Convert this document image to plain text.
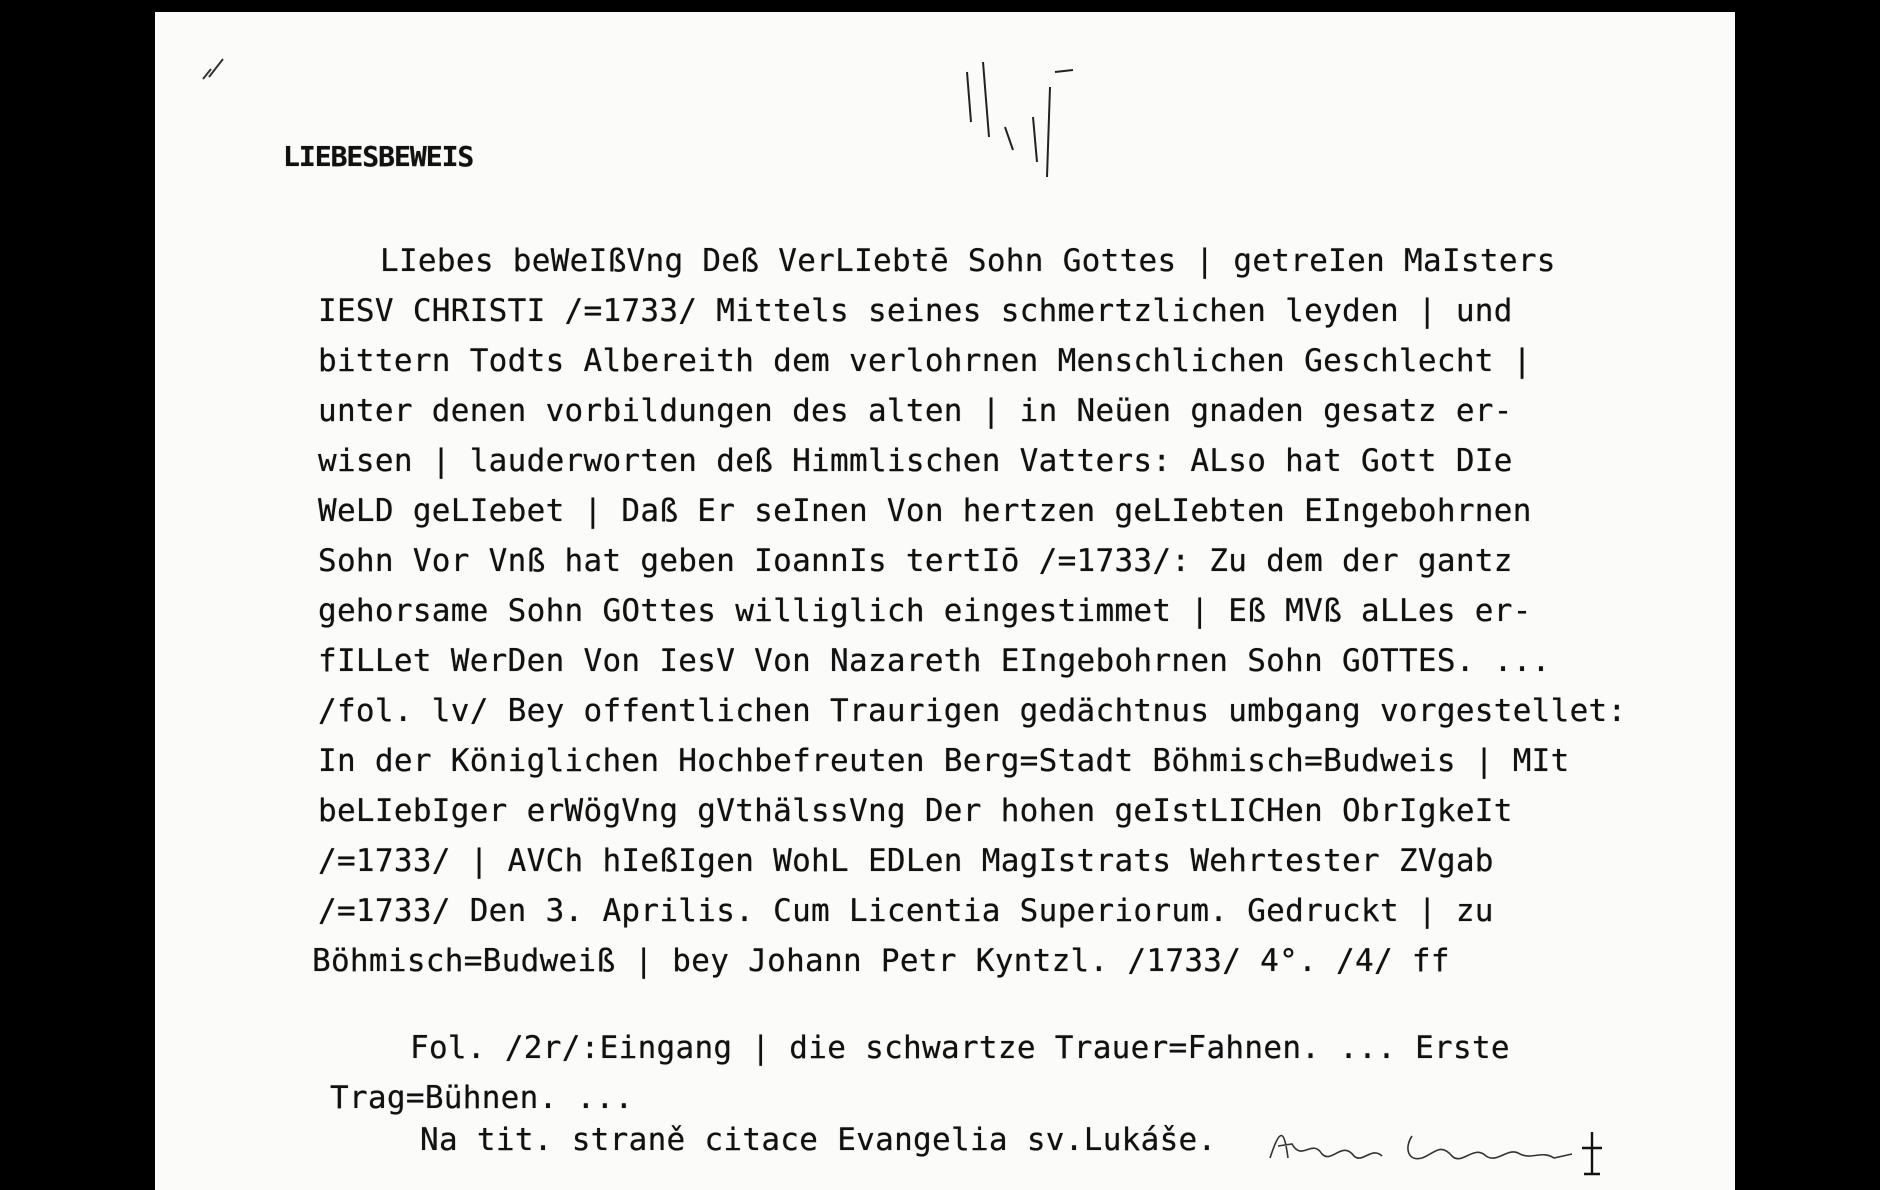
LIEBESBEWEIS
LIebes beWeIßVng Deß VerLIebtē Sohn Gottes | getreIen MaIsters
IESV CHRISTI /=1733/ Mittels seines schmertzlichen leyden | und
bittern Todts Albereith dem verlohrnen Menschlichen Geschlecht |
unter denen vorbildungen des alten | in Neüen gnaden gesatz er-
wisen | lauderworten deß Himmlischen Vatters: ALso hat Gott DIe
WeLD geLIebet | Daß Er seInen Von hertzen geLIebten EIngebohrnen
Sohn Vor Vnß hat geben IoannIs tertIō /=1733/: Zu dem der gantz
gehorsame Sohn GOttes williglich eingestimmet | Eß MVß aLLes er-
fILLet WerDen Von IesV Von Nazareth EIngebohrnen Sohn GOTTES. ...
/fol. lv/ Bey offentlichen Traurigen gedächtnus umbgang vorgestellet:
In der Königlichen Hochbefreuten Berg=Stadt Böhmisch=Budweis | MIt
beLIebIger erWögVng gVthälssVng Der hohen geIstLICHen ObrIgkeIt
/=1733/ | AVCh hIeßIgen WohL EDLen MagIstrats Wehrtester ZVgab
/=1733/ Den 3. Aprilis. Cum Licentia Superiorum. Gedruckt | zu
Böhmisch=Budweiß | bey Johann Petr Kyntzl. /1733/ 4°. /4/ ff
Fol. /2r/:Eingang | die schwartze Trauer=Fahnen. ... Erste
Trag=Bühnen. ...
Na tit. straně citace Evangelia sv.Lukáše.
